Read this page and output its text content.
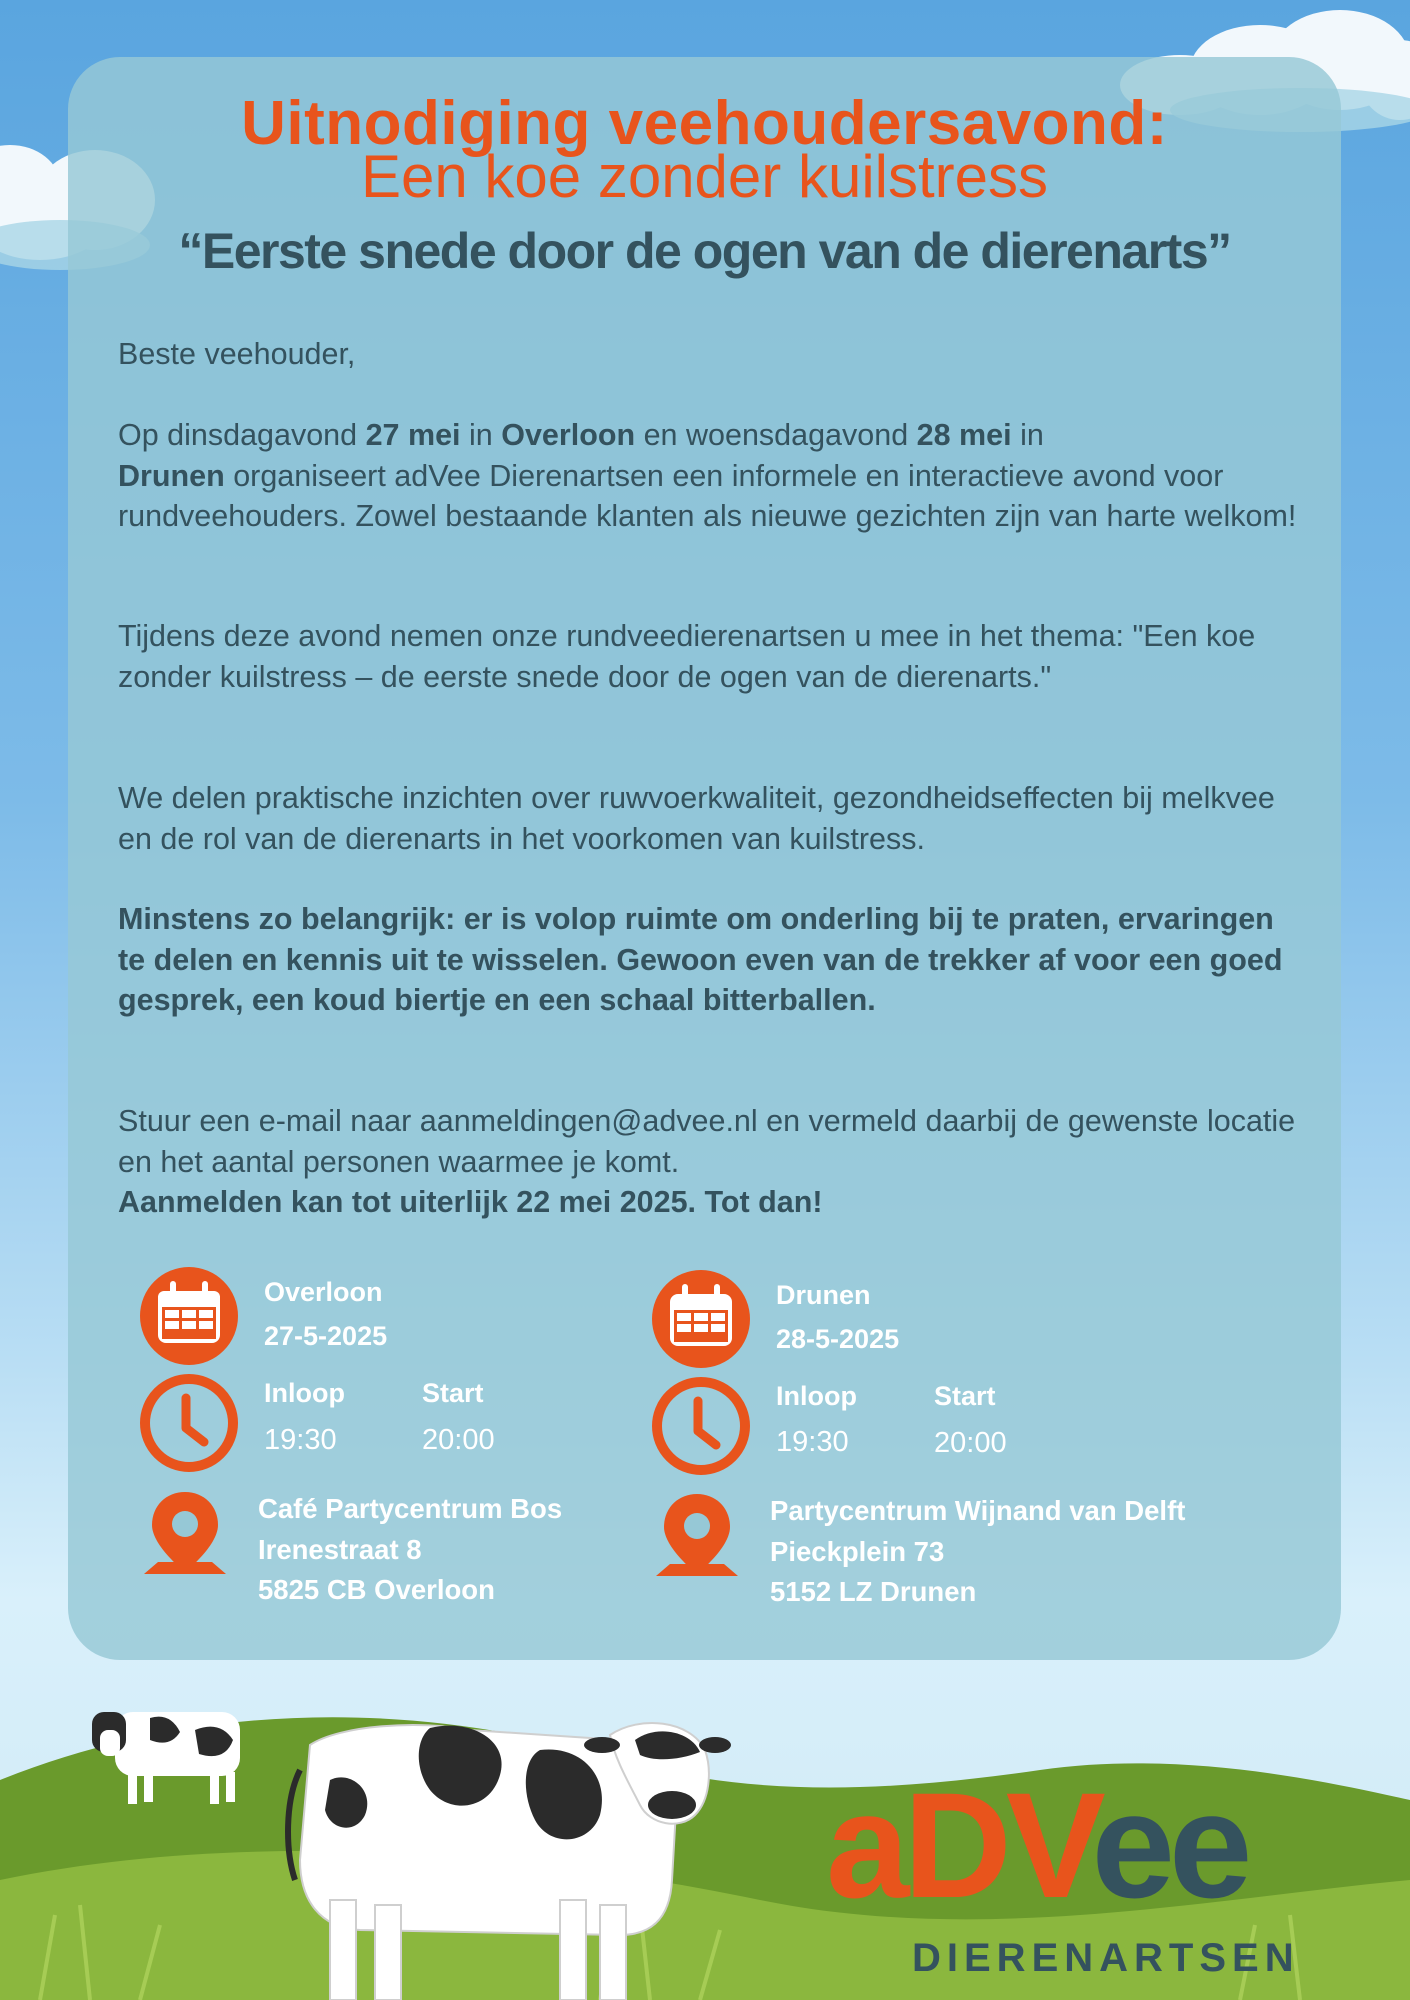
Uitnodiging veehoudersavond:
Een koe zonder kuilstress
“Eerste snede door de ogen van de dierenarts”
Beste veehouder,
Op dinsdagavond 27 mei in Overloon en woensdagavond 28 mei in
Drunen organiseert adVee Dierenartsen een informele en interactieve avond voor rundveehouders. Zowel bestaande klanten als nieuwe gezichten zijn van harte welkom!
Tijdens deze avond nemen onze rundveedierenartsen u mee in het thema: "Een koe zonder kuilstress – de eerste snede door de ogen van de dierenarts."
We delen praktische inzichten over ruwvoerkwaliteit, gezondheidseffecten bij melkvee en de rol van de dierenarts in het voorkomen van kuilstress.
Minstens zo belangrijk: er is volop ruimte om onderling bij te praten, ervaringen te delen en kennis uit te wisselen. Gewoon even van de trekker af voor een goed gesprek, een koud biertje en een schaal bitterballen.
Stuur een e-mail naar aanmeldingen@advee.nl en vermeld daarbij de gewenste locatie en het aantal personen waarmee je komt.
Aanmelden kan tot uiterlijk 22 mei 2025. Tot dan!
Overloon
27-5-2025
Inloop
19:30
Start
20:00
Café Partycentrum Bos
Irenestraat 8
5825 CB Overloon
Drunen
28-5-2025
Inloop
19:30
Start
20:00
Partycentrum Wijnand van Delft
Pieckplein 73
5152 LZ Drunen
aDVee
DIERENARTSEN
